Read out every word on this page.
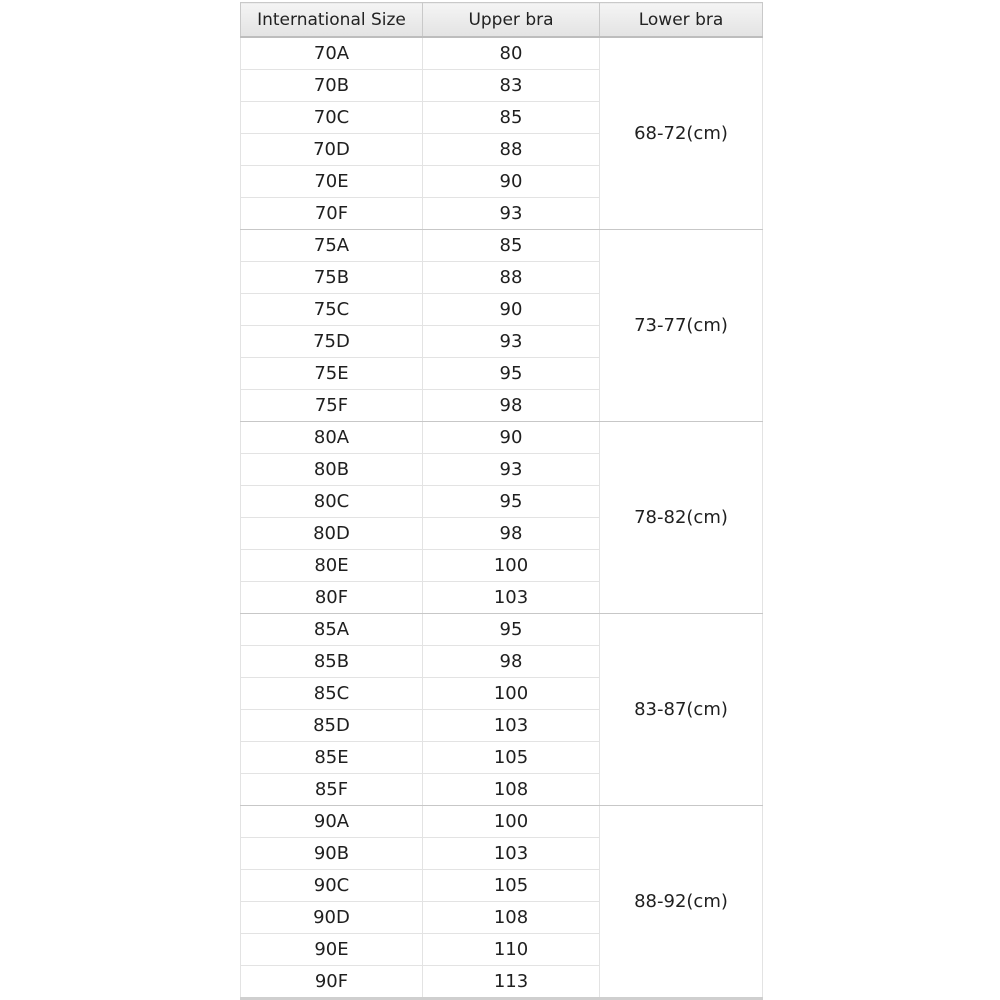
International Size	Upper bra	Lower bra
70A	80	68-72(cm)
70B	83	
70C	85	
70D	88	
70E	90	
70F	93	
75A	85	73-77(cm)
75B	88	
75C	90	
75D	93	
75E	95	
75F	98	
80A	90	78-82(cm)
80B	93	
80C	95	
80D	98	
80E	100	
80F	103	
85A	95	83-87(cm)
85B	98	
85C	100	
85D	103	
85E	105	
85F	108	
90A	100	88-92(cm)
90B	103	
90C	105	
90D	108	
90E	110	
90F	113	
